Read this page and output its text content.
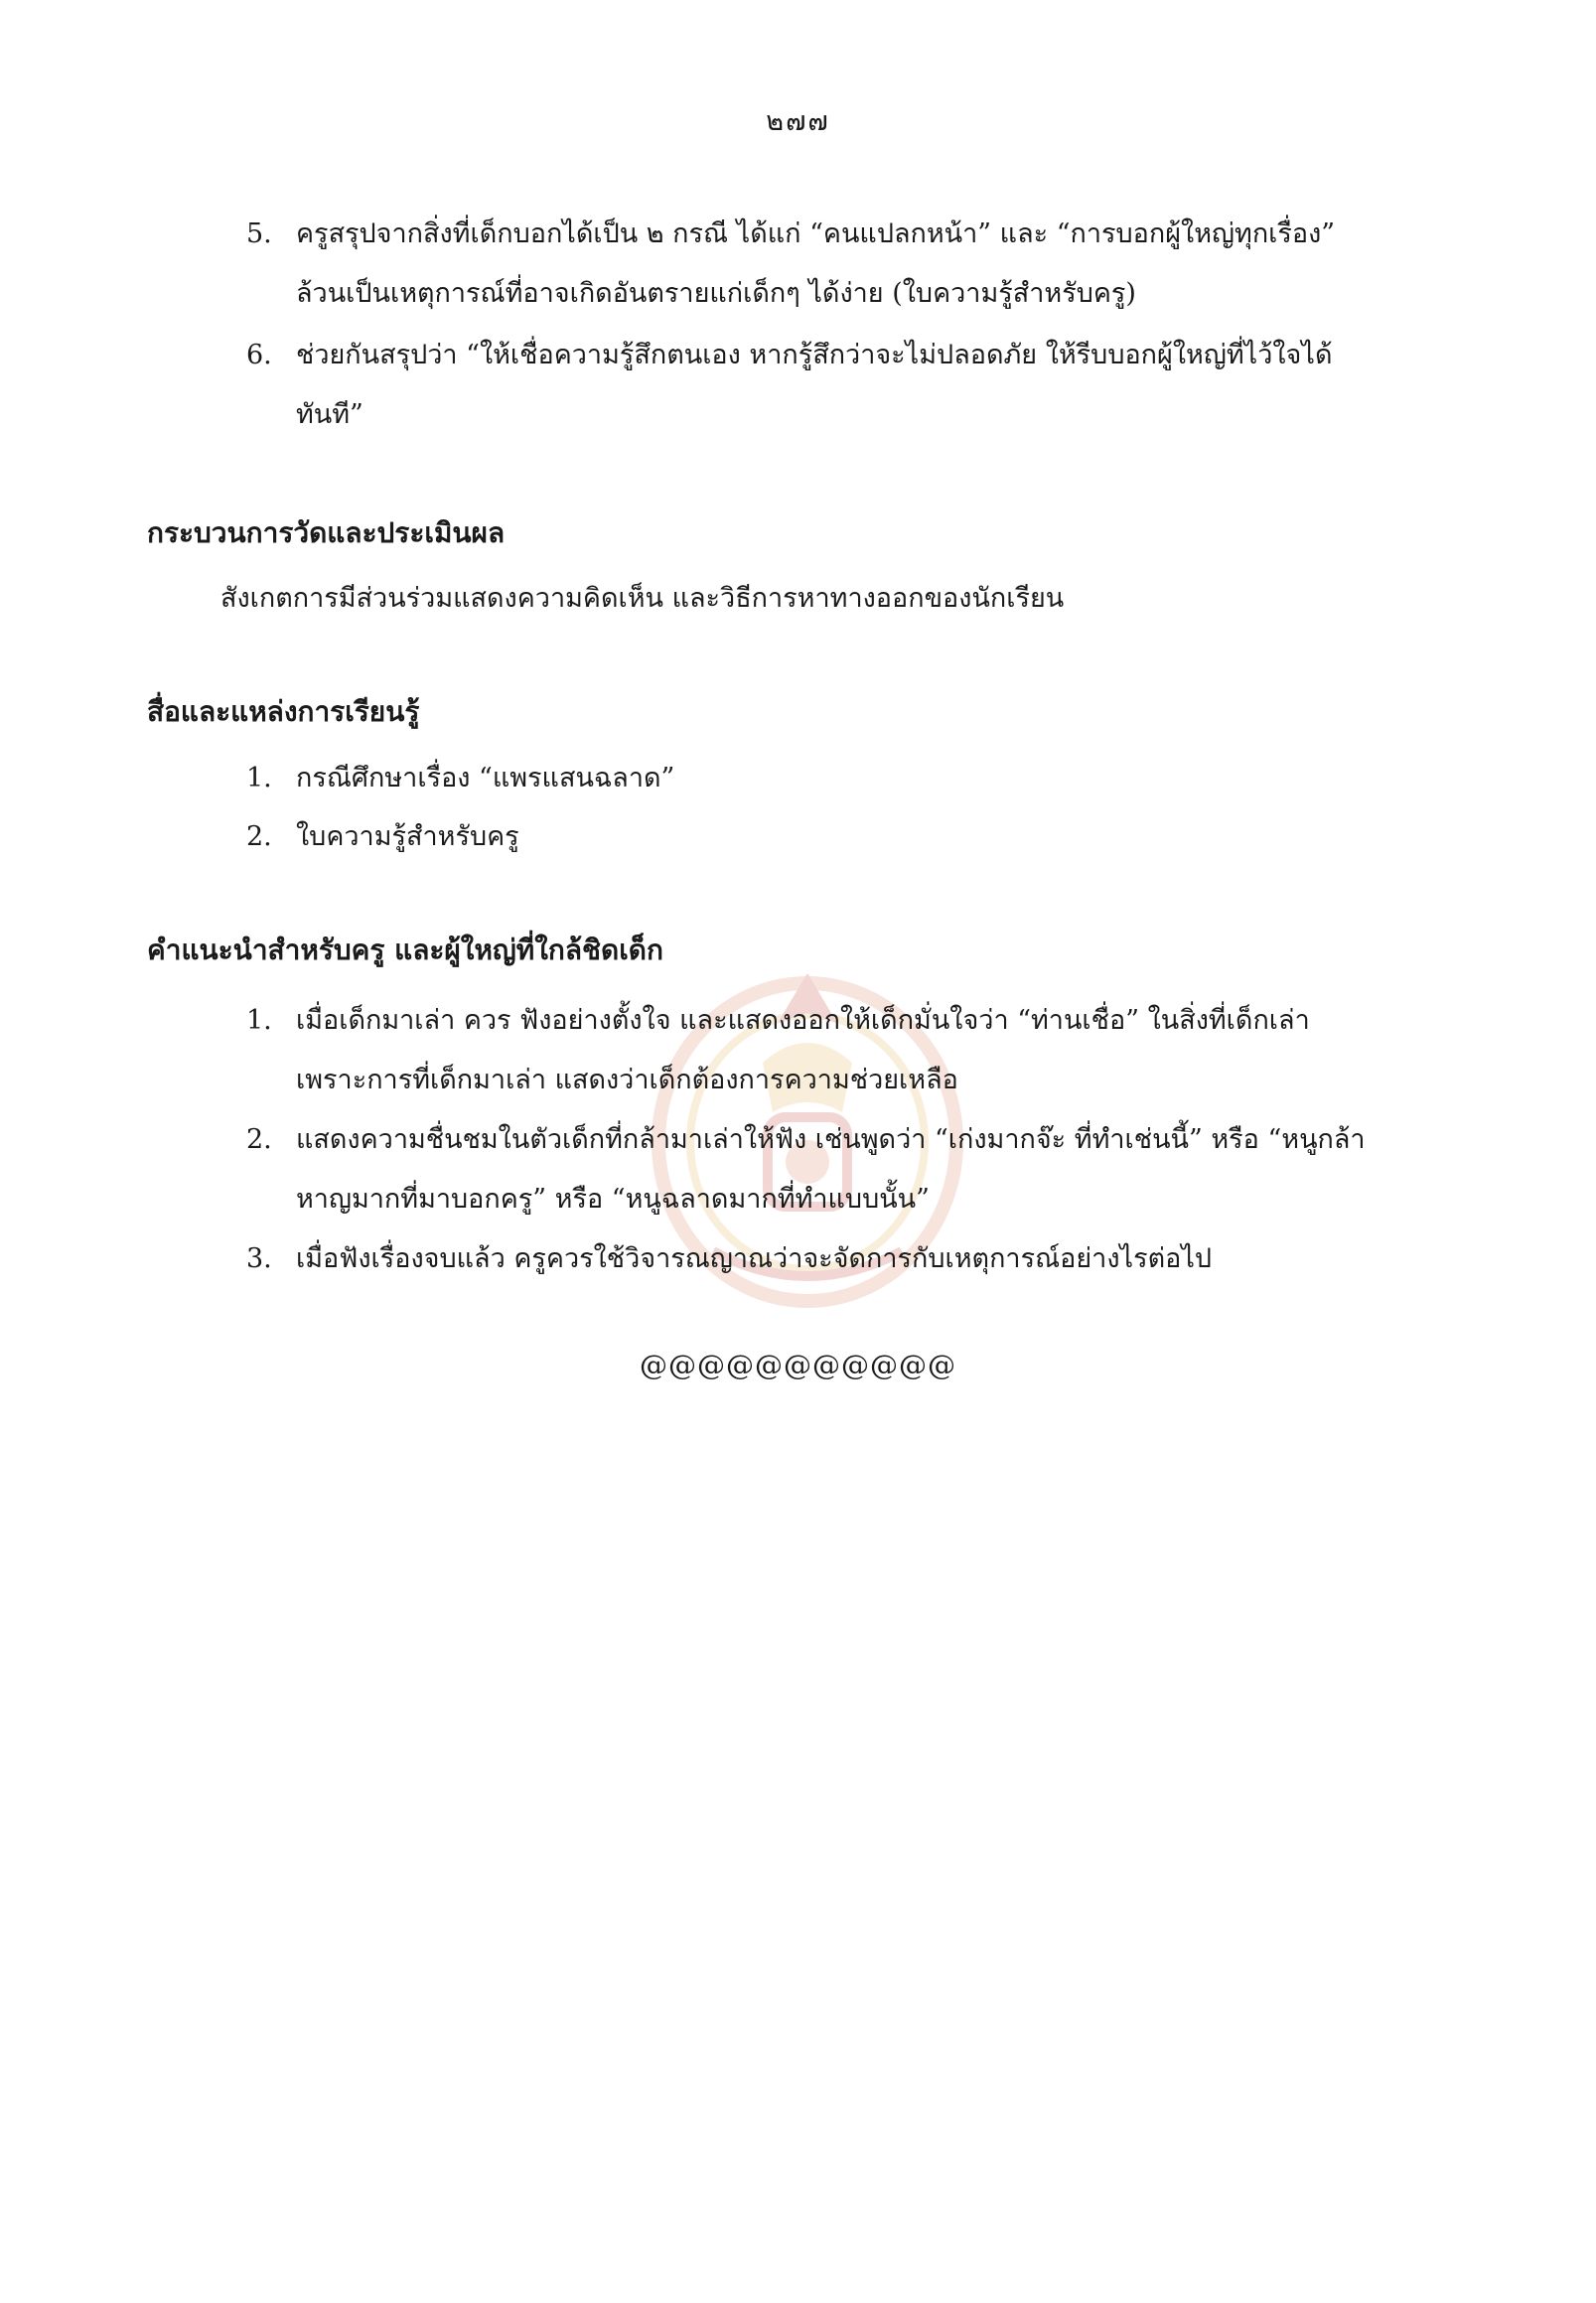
๒๗๗
5. ครูสรุปจากสิ่งที่เด็กบอกได้เป็น ๒ กรณี ได้แก่ “คนแปลกหน้า” และ “การบอกผู้ใหญ่ทุกเรื่อง”
ล้วนเป็นเหตุการณ์ที่อาจเกิดอันตรายแก่เด็กๆ ได้ง่าย (ใบความรู้สำหรับครู)
6. ช่วยกันสรุปว่า “ให้เชื่อความรู้สึกตนเอง หากรู้สึกว่าจะไม่ปลอดภัย ให้รีบบอกผู้ใหญ่ที่ไว้ใจได้
ทันที”
กระบวนการวัดและประเมินผล
สังเกตการมีส่วนร่วมแสดงความคิดเห็น และวิธีการหาทางออกของนักเรียน
สื่อและแหล่งการเรียนรู้
1. กรณีศึกษาเรื่อง “แพรแสนฉลาด”
2. ใบความรู้สำหรับครู
คำแนะนำสำหรับครู และผู้ใหญ่ที่ใกล้ชิดเด็ก
1. เมื่อเด็กมาเล่า ควร ฟังอย่างตั้งใจ และแสดงออกให้เด็กมั่นใจว่า “ท่านเชื่อ” ในสิ่งที่เด็กเล่า
เพราะการที่เด็กมาเล่า แสดงว่าเด็กต้องการความช่วยเหลือ
2. แสดงความชื่นชมในตัวเด็กที่กล้ามาเล่าให้ฟัง เช่นพูดว่า “เก่งมากจ๊ะ ที่ทำเช่นนี้” หรือ “หนูกล้า
หาญมากที่มาบอกครู” หรือ “หนูฉลาดมากที่ทำแบบนั้น”
3. เมื่อฟังเรื่องจบแล้ว ครูควรใช้วิจารณญาณว่าจะจัดการกับเหตุการณ์อย่างไรต่อไป
@@@@@@@@@@@
